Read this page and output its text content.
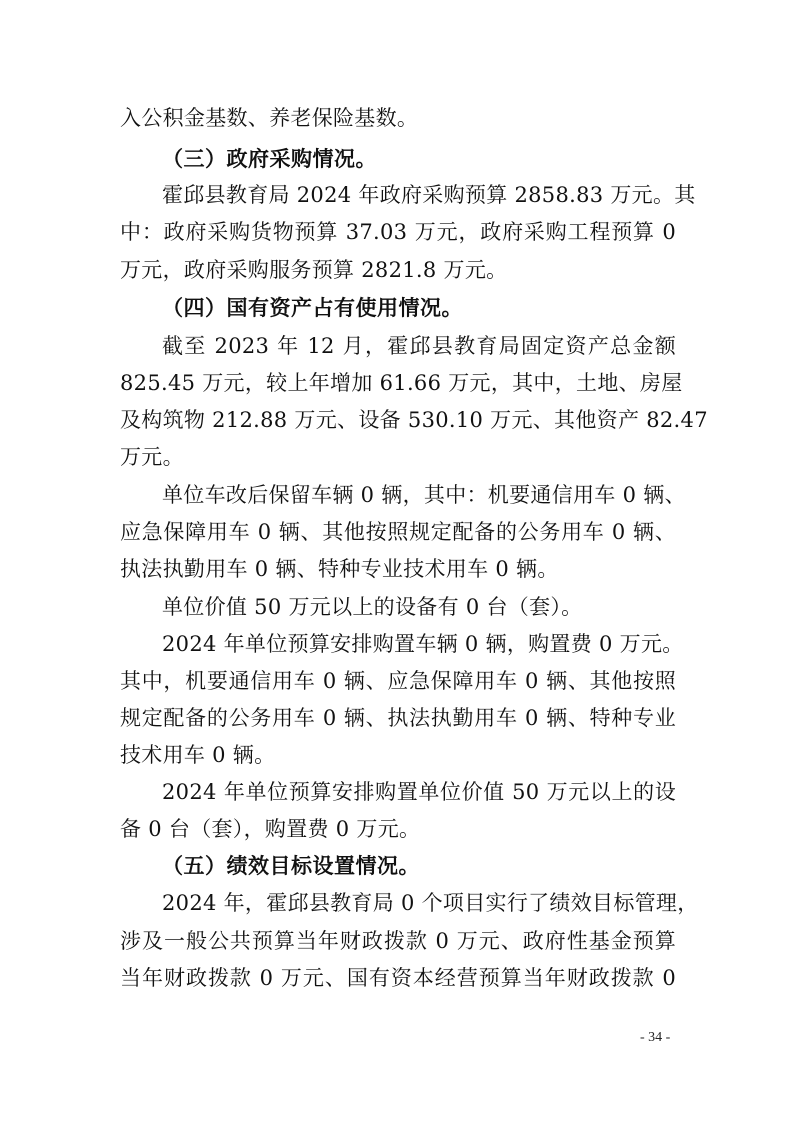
入公积金基数、养老保险基数。
（三）政府采购情况。
霍邱县教育局 2024 年政府采购预算 2858.83 万元。其
中：政府采购货物预算 37.03 万元，政府采购工程预算 0
万元，政府采购服务预算 2821.8 万元。
（四）国有资产占有使用情况。
截至 2023 年 12 月，霍邱县教育局固定资产总金额
825.45 万元，较上年增加 61.66 万元，其中，土地、房屋
及构筑物 212.88 万元、设备 530.10 万元、其他资产 82.47
万元。
单位车改后保留车辆 0 辆，其中：机要通信用车 0 辆、
应急保障用车 0 辆、其他按照规定配备的公务用车 0 辆、
执法执勤用车 0 辆、特种专业技术用车 0 辆。
单位价值 50 万元以上的设备有 0 台（套）。
2024 年单位预算安排购置车辆 0 辆，购置费 0 万元。
其中，机要通信用车 0 辆、应急保障用车 0 辆、其他按照
规定配备的公务用车 0 辆、执法执勤用车 0 辆、特种专业
技术用车 0 辆。
2024 年单位预算安排购置单位价值 50 万元以上的设
备 0 台（套），购置费 0 万元。
（五）绩效目标设置情况。
2024 年，霍邱县教育局 0 个项目实行了绩效目标管理，
涉及一般公共预算当年财政拨款 0 万元、政府性基金预算
当年财政拨款 0 万元、国有资本经营预算当年财政拨款 0
- 34 -
